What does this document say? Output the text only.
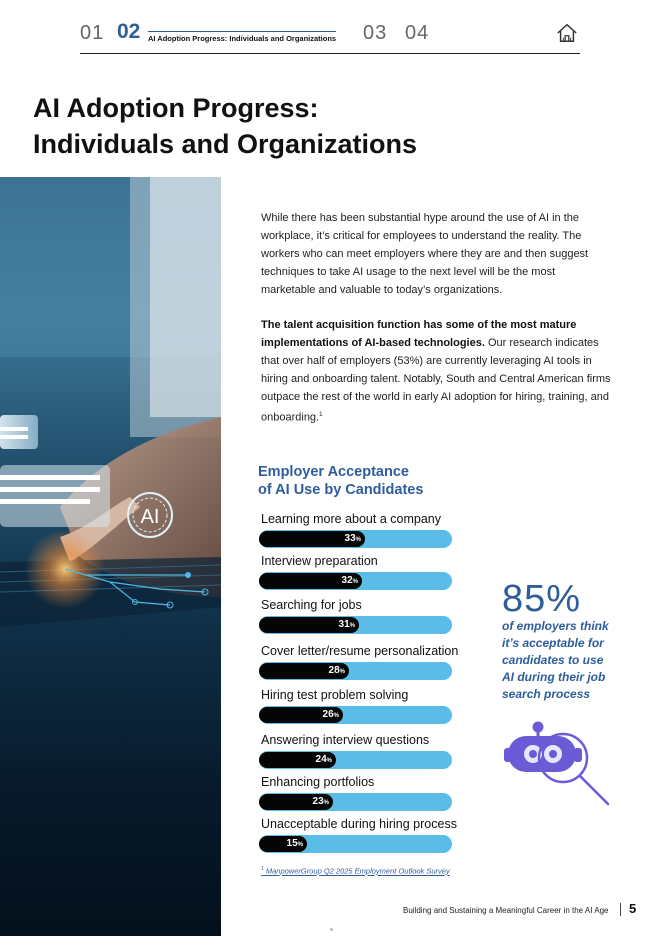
01 02 AI Adoption Progress: Individuals and Organizations 03 04
AI Adoption Progress:
Individuals and Organizations
AI

While there has been substantial hype around the use of AI in the workplace, it’s critical for employees to understand the reality. The workers who can meet employers where they are and then suggest techniques to take AI usage to the next level will be the most marketable and valuable to today’s organizations.

The talent acquisition function has some of the most mature implementations of AI-based technologies. Our research indicates that over half of employers (53%) are currently leveraging AI tools in hiring and onboarding talent. Notably, South and Central American firms outpace the rest of the world in early AI adoption for hiring, training, and onboarding.$^1$

Employer Acceptance
of AI Use by Candidates
Learning more about a company
33%
Interview preparation
32%
Searching for jobs
31%
Cover letter/resume personalization
28%
Hiring test problem solving
26%
Answering interview questions
24%
Enhancing portfolios
23%
Unacceptable during hiring process
15%
85%
of employers think it’s acceptable for candidates to use AI during their job search process
$^1$ ManpowerGroup Q2 2025 Employment Outlook Survey
Building and Sustaining a Meaningful Career in the AI Age 5
